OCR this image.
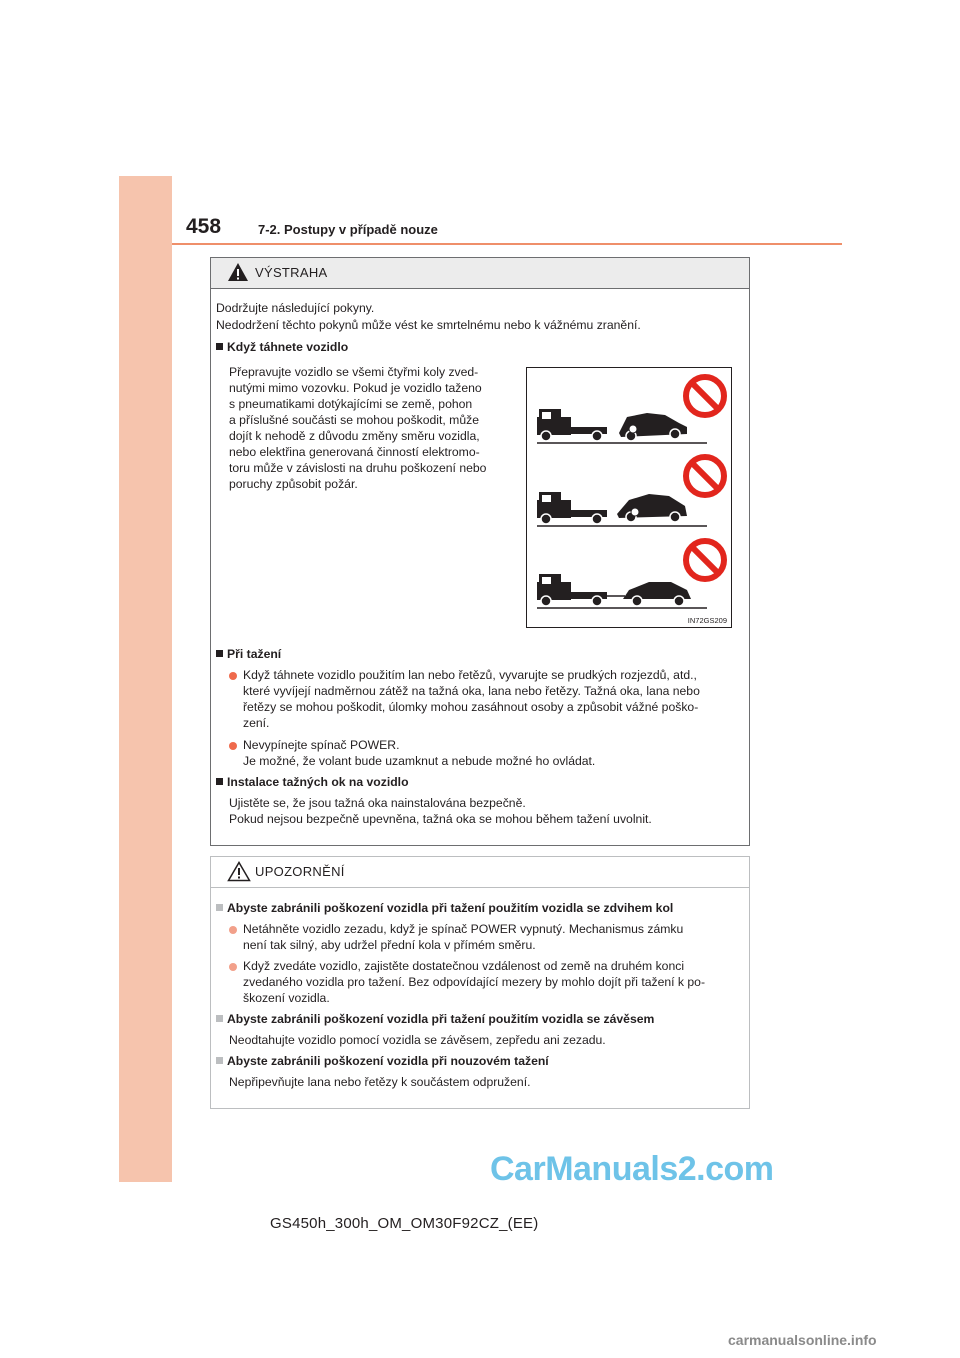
458	7-2. Postupy v případě nouze
VÝSTRAHA
Dodržujte následující pokyny.
Nedodržení těchto pokynů může vést ke smrtelnému nebo k vážnému zranění.
Když táhnete vozidlo
Přepravujte vozidlo se všemi čtyřmi koly zved-
nutými mimo vozovku. Pokud je vozidlo taženo
s pneumatikami dotýkajícími se země, pohon
a příslušné součásti se mohou poškodit, může
dojít k nehodě z důvodu změny směru vozidla,
nebo elektřina generovaná činností elektromo-
toru může v závislosti na druhu poškození nebo
poruchy způsobit požár.
IN72GS209
Při tažení
Když táhnete vozidlo použitím lan nebo řetězů, vyvarujte se prudkých rozjezdů, atd.,
které vyvíjejí nadměrnou zátěž na tažná oka, lana nebo řetězy. Tažná oka, lana nebo
řetězy se mohou poškodit, úlomky mohou zasáhnout osoby a způsobit vážné poško-
zení.
Nevypínejte spínač POWER.
Je možné, že volant bude uzamknut a nebude možné ho ovládat.
Instalace tažných ok na vozidlo
Ujistěte se, že jsou tažná oka nainstalována bezpečně.
Pokud nejsou bezpečně upevněna, tažná oka se mohou během tažení uvolnit.
UPOZORNĚNÍ
Abyste zabránili poškození vozidla při tažení použitím vozidla se zdvihem kol
Netáhněte vozidlo zezadu, když je spínač POWER vypnutý. Mechanismus zámku
není tak silný, aby udržel přední kola v přímém směru.
Když zvedáte vozidlo, zajistěte dostatečnou vzdálenost od země na druhém konci
zvedaného vozidla pro tažení. Bez odpovídající mezery by mohlo dojít při tažení k po-
škození vozidla.
Abyste zabránili poškození vozidla při tažení použitím vozidla se závěsem
Neodtahujte vozidlo pomocí vozidla se závěsem, zepředu ani zezadu.
Abyste zabránili poškození vozidla při nouzovém tažení
Nepřipevňujte lana nebo řetězy k součástem odpružení.
CarManuals2.com
GS450h_300h_OM_OM30F92CZ_(EE)
carmanualsonline.info
